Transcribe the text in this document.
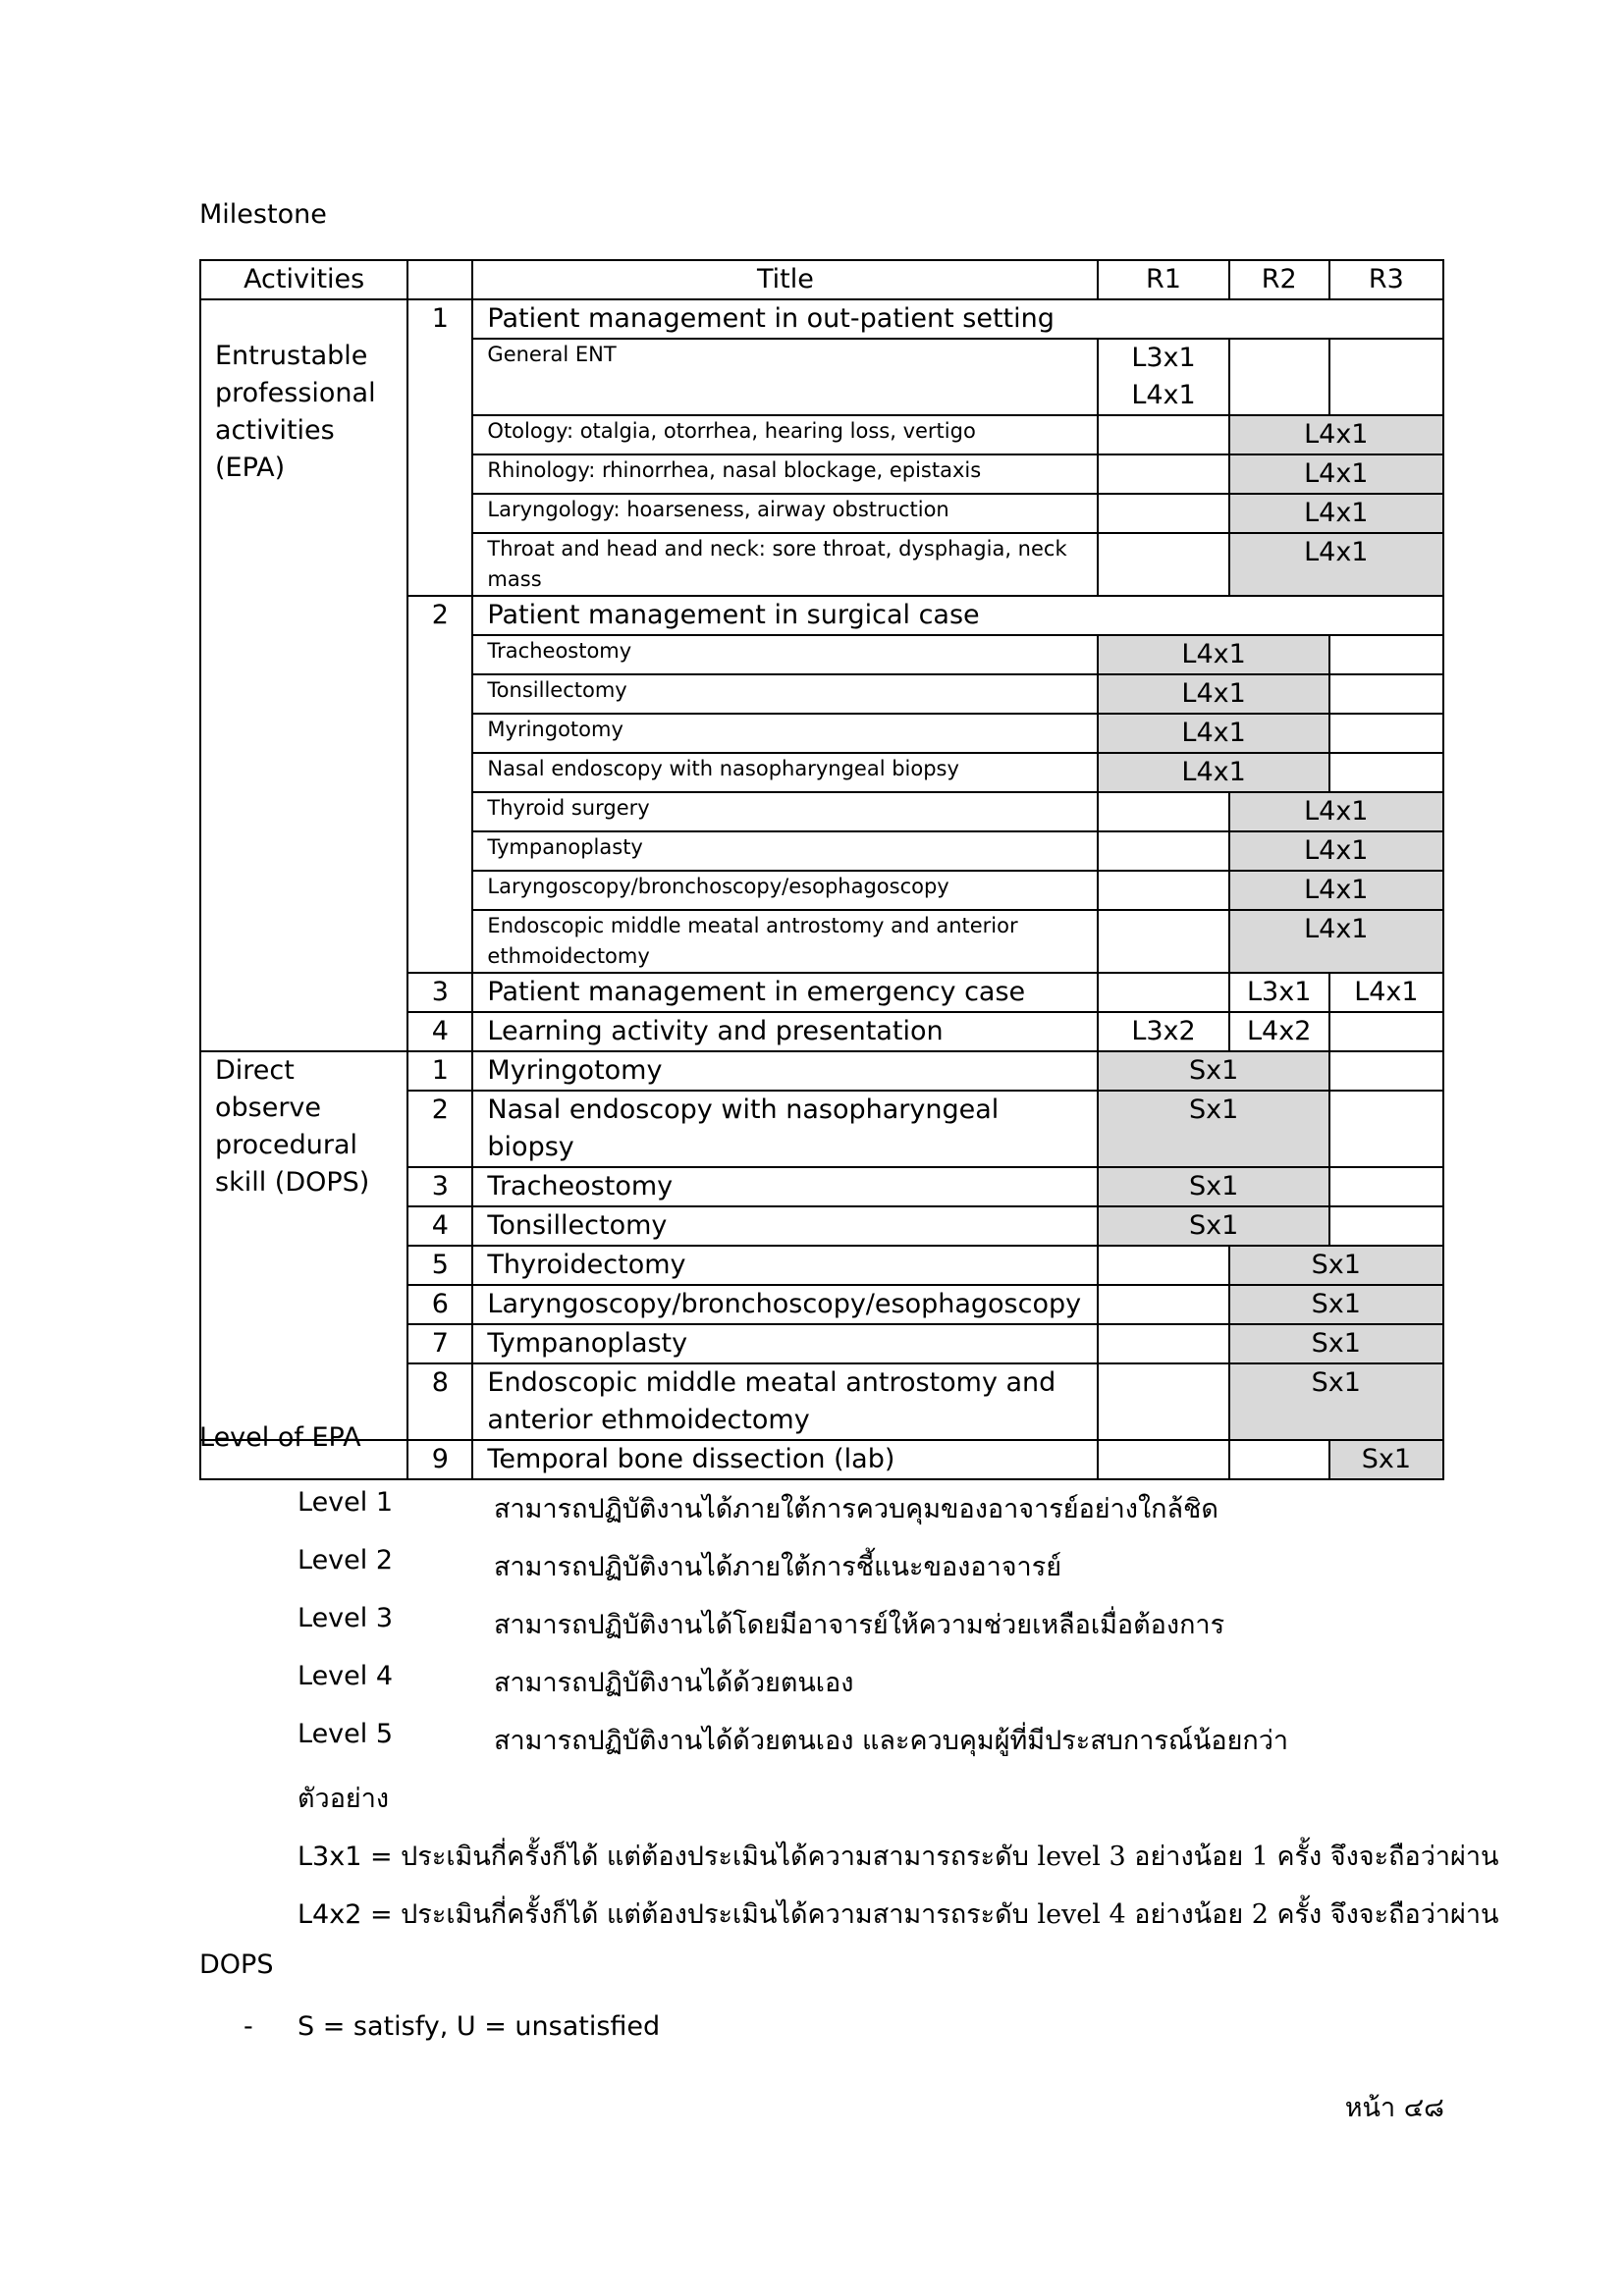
Milestone
Activities		Title	R1	R2	R3
Entrustable professional activities (EPA)	1	Patient management in out-patient setting			
		General ENT	L3x1
L4x1		
		Otology: otalgia, otorrhea, hearing loss, vertigo		L4x1	
		Rhinology: rhinorrhea, nasal blockage, epistaxis		L4x1	
		Laryngology: hoarseness, airway obstruction		L4x1	
		Throat and head and neck: sore throat, dysphagia, neck mass		L4x1	
	2	Patient management in surgical case			
		Tracheostomy	L4x1		
		Tonsillectomy	L4x1		
		Myringotomy	L4x1		
		Nasal endoscopy with nasopharyngeal biopsy	L4x1		
		Thyroid surgery		L4x1	
		Tympanoplasty		L4x1	
		Laryngoscopy/bronchoscopy/esophagoscopy		L4x1	
		Endoscopic middle meatal antrostomy and anterior ethmoidectomy		L4x1	
	3	Patient management in emergency case		L3x1	L4x1
	4	Learning activity and presentation	L3x2	L4x2	
Direct observe procedural skill (DOPS)	1	Myringotomy	Sx1		
	2	Nasal endoscopy with nasopharyngeal biopsy	Sx1		
	3	Tracheostomy	Sx1		
	4	Tonsillectomy	Sx1		
	5	Thyroidectomy		Sx1	
	6	Laryngoscopy/bronchoscopy/esophagoscopy		Sx1	
	7	Tympanoplasty		Sx1	
	8	Endoscopic middle meatal antrostomy and anterior ethmoidectomy		Sx1	
	9	Temporal bone dissection (lab)			Sx1
Level of EPA
Level 1	สามารถปฏิบัติงานได้ภายใต้การควบคุมของอาจารย์อย่างใกล้ชิด
Level 2	สามารถปฏิบัติงานได้ภายใต้การชี้แนะของอาจารย์
Level 3	สามารถปฏิบัติงานได้โดยมีอาจารย์ให้ความช่วยเหลือเมื่อต้องการ
Level 4	สามารถปฏิบัติงานได้ด้วยตนเอง
Level 5	สามารถปฏิบัติงานได้ด้วยตนเอง และควบคุมผู้ที่มีประสบการณ์น้อยกว่า
ตัวอย่าง
L3x1 = ประเมินกี่ครั้งก็ได้ แต่ต้องประเมินได้ความสามารถระดับ level 3 อย่างน้อย 1 ครั้ง จึงจะถือว่าผ่าน
L4x2 = ประเมินกี่ครั้งก็ได้ แต่ต้องประเมินได้ความสามารถระดับ level 4 อย่างน้อย 2 ครั้ง จึงจะถือว่าผ่าน
DOPS
- S = satisfy, U = unsatisfied
หน้า ๔๘
